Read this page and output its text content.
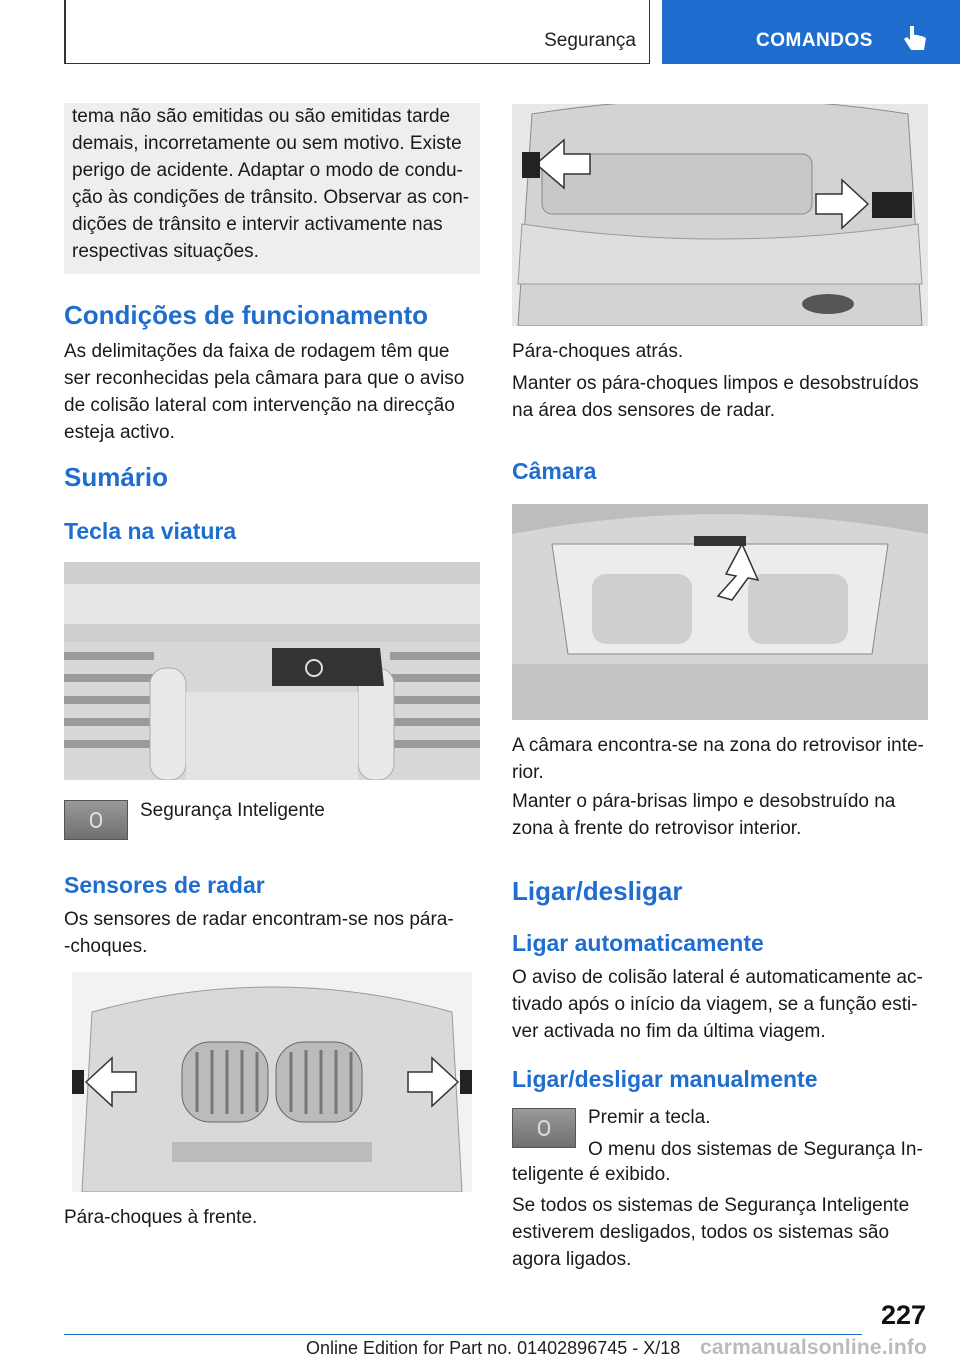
Segurança	COMANDOS
tema não são emitidas ou são emitidas tarde
demais, incorretamente ou sem motivo. Existe
perigo de acidente. Adaptar o modo de condu-
ção às condições de trânsito. Observar as con-
dições de trânsito e intervir activamente nas
respectivas situações.
Condições de funcionamento
As delimitações da faixa de rodagem têm que
ser reconhecidas pela câmara para que o aviso
de colisão lateral com intervenção na direcção
esteja activo.
Sumário
Tecla na viatura
Segurança Inteligente
Sensores de radar
Os sensores de radar encontram-se nos pára-
-choques.
Pára-choques à frente.
Pára-choques atrás.
Manter os pára-choques limpos e desobstruídos
na área dos sensores de radar.
Câmara
A câmara encontra-se na zona do retrovisor inte-
rior.
Manter o pára-brisas limpo e desobstruído na
zona à frente do retrovisor interior.
Ligar/desligar
Ligar automaticamente
O aviso de colisão lateral é automaticamente ac-
tivado após o início da viagem, se a função esti-
ver activada no fim da última viagem.
Ligar/desligar manualmente
Premir a tecla.
O menu dos sistemas de Segurança In-
teligente é exibido.
Se todos os sistemas de Segurança Inteligente
estiverem desligados, todos os sistemas são
agora ligados.
227
Online Edition for Part no. 01402896745 - X/18 carmanualsonline.info
